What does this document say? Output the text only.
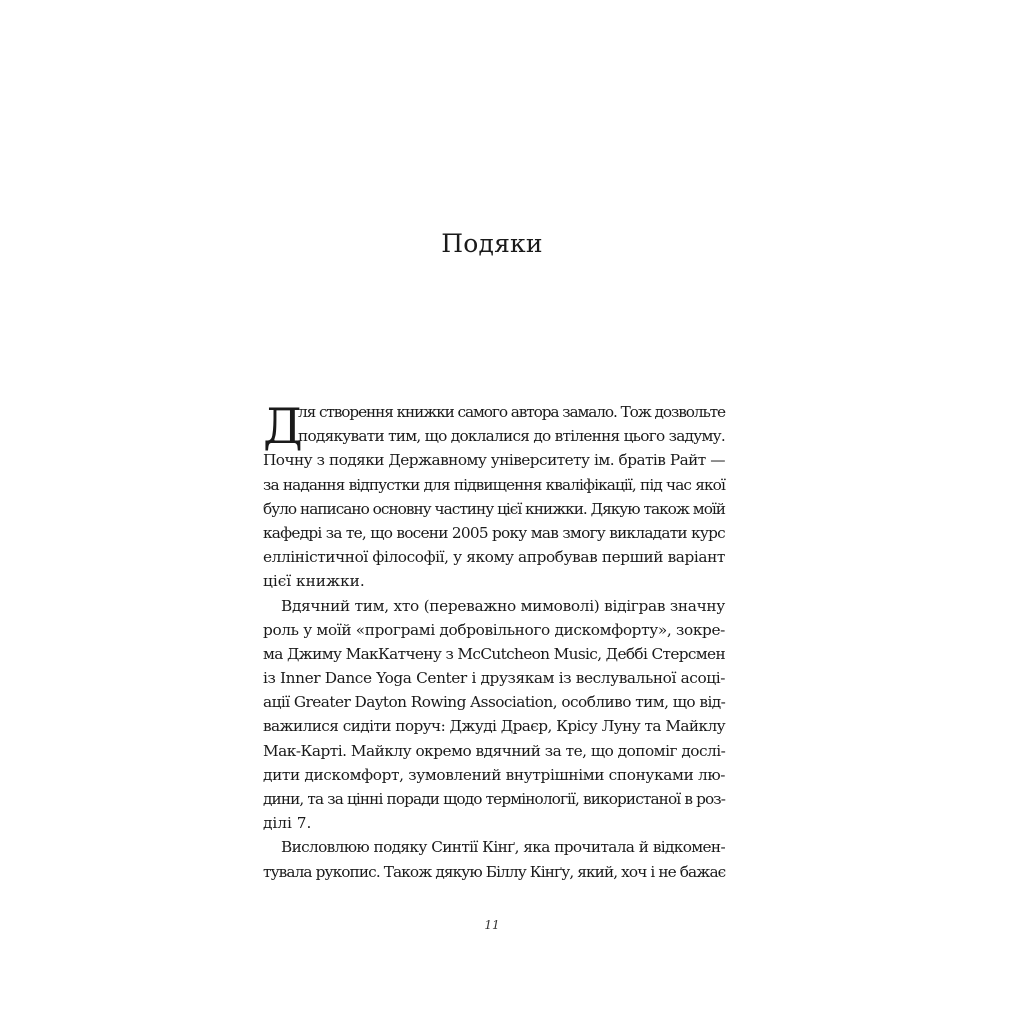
Подяки
Д
ля створення книжки самого автора замало. Тож дозвольте
подякувати тим, що доклалися до втілення цього задуму.
Почну з подяки Державному університету ім. братів Райт —
за надання відпустки для підвищення кваліфікації, під час якої
було написано основну частину цієї книжки. Дякую також моїй
кафедрі за те, що восени 2005 року мав змогу викладати курс
елліністичної філософії, у якому апробував перший варіант
цієї книжки.
Вдячний тим, хто (переважно мимоволі) відіграв значну
роль у моїй «програмі добровільного дискомфорту», зокре-
ма Джиму МакКатчену з McCutcheon Music, Деббі Стерсмен
із Inner Dance Yoga Center і друзякам із веслувальної асоці-
ації Greater Dayton Rowing Association, особливо тим, що від-
важилися сидіти поруч: Джуді Драєр, Крісу Луну та Майклу
Мак-Карті. Майклу окремо вдячний за те, що допоміг дослі-
дити дискомфорт, зумовлений внутрішніми спонуками лю-
дини, та за цінні поради щодо термінології, використаної в роз-
ділі 7.
Висловлюю подяку Синтії Кінґ, яка прочитала й відкомен-
тувала рукопис. Також дякую Біллу Кінґу, який, хоч і не бажає
11
